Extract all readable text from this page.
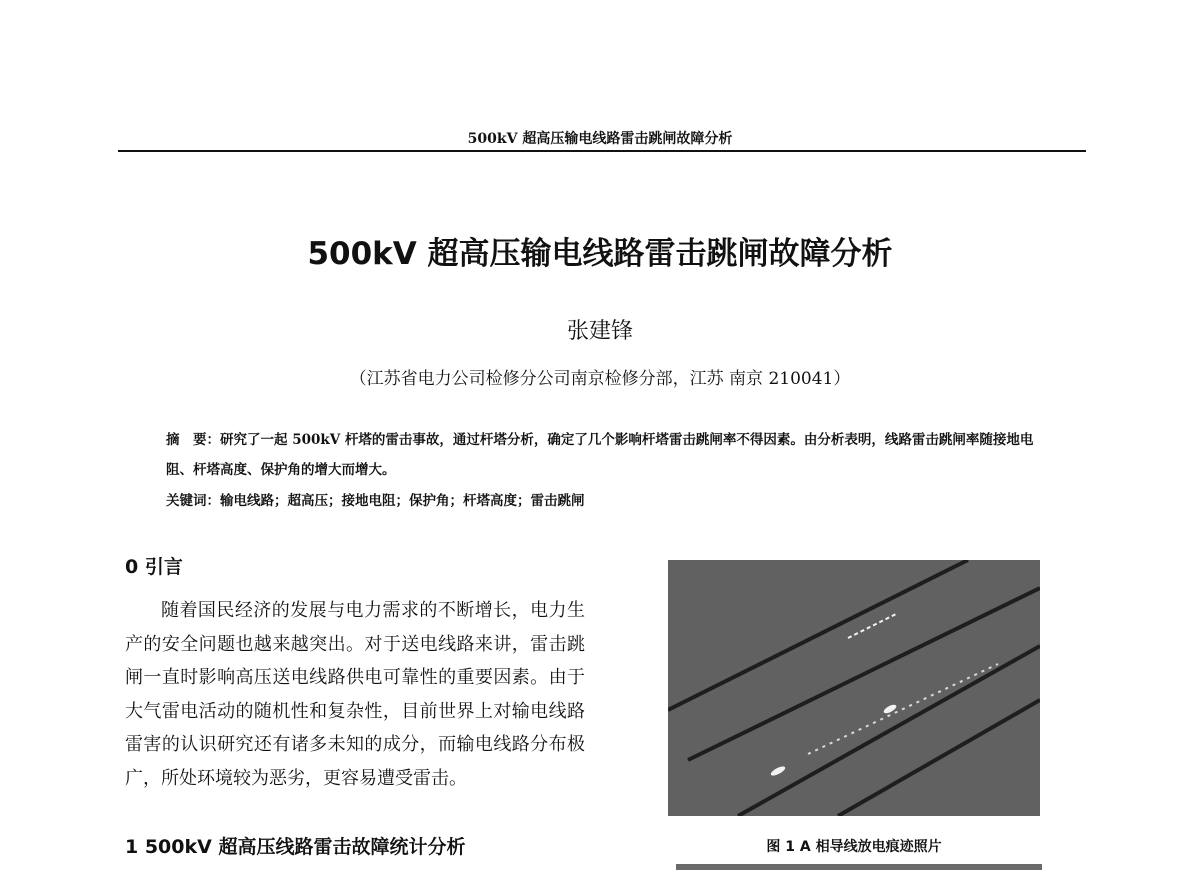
500kV 超高压输电线路雷击跳闸故障分析
500kV 超高压输电线路雷击跳闸故障分析
张建锋
（江苏省电力公司检修分公司南京检修分部，江苏 南京 210041）
摘　要：研究了一起 500kV 杆塔的雷击事故，通过杆塔分析，确定了几个影响杆塔雷击跳闸率不得因素。由分析表明，线路雷击跳闸率随接地电阻、杆塔高度、保护角的增大而增大。
关键词：输电线路；超高压；接地电阻；保护角；杆塔高度；雷击跳闸
0 引言
随着国民经济的发展与电力需求的不断增长，电力生产的安全问题也越来越突出。对于送电线路来讲，雷击跳闸一直时影响高压送电线路供电可靠性的重要因素。由于大气雷电活动的随机性和复杂性，目前世界上对输电线路雷害的认识研究还有诸多未知的成分，而输电线路分布极广，所处环境较为恶劣，更容易遭受雷击。
1 500kV 超高压线路雷击故障统计分析	图 1 A 相导线放电痕迹照片
